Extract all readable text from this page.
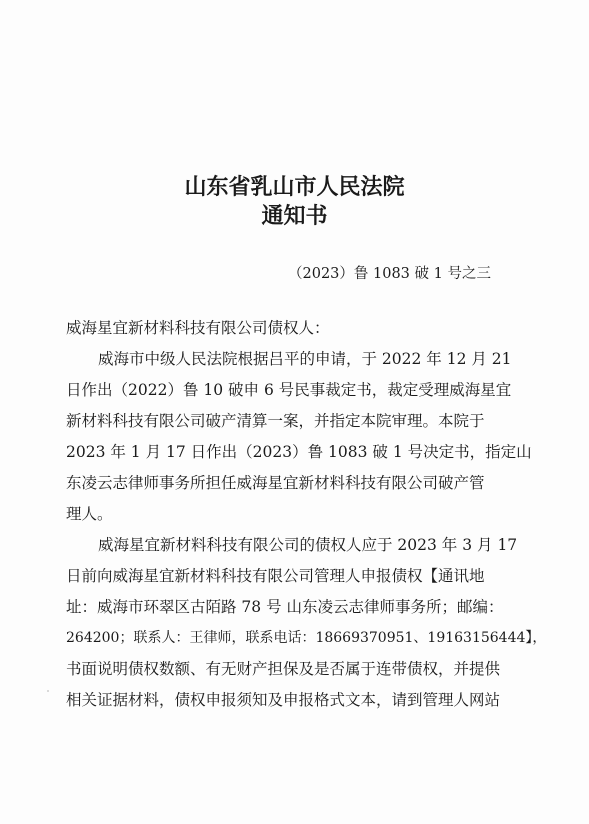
山东省乳山市人民法院
通知书
（2023）鲁 1083 破 1 号之三
威海星宜新材料科技有限公司债权人：
威海市中级人民法院根据吕平的申请，于 2022 年 12 月 21
日作出（2022）鲁 10 破申 6 号民事裁定书，裁定受理威海星宜
新材料科技有限公司破产清算一案，并指定本院审理。本院于
2023 年 1 月 17 日作出（2023）鲁 1083 破 1 号决定书，指定山
东凌云志律师事务所担任威海星宜新材料科技有限公司破产管
理人。
威海星宜新材料科技有限公司的债权人应于 2023 年 3 月 17
日前向威海星宜新材料科技有限公司管理人申报债权【通讯地
址：威海市环翠区古陌路 78 号 山东凌云志律师事务所；邮编：
264200；联系人：王律师，联系电话：18669370951、19163156444】，
书面说明债权数额、有无财产担保及是否属于连带债权，并提供
相关证据材料，债权申报须知及申报格式文本，请到管理人网站
